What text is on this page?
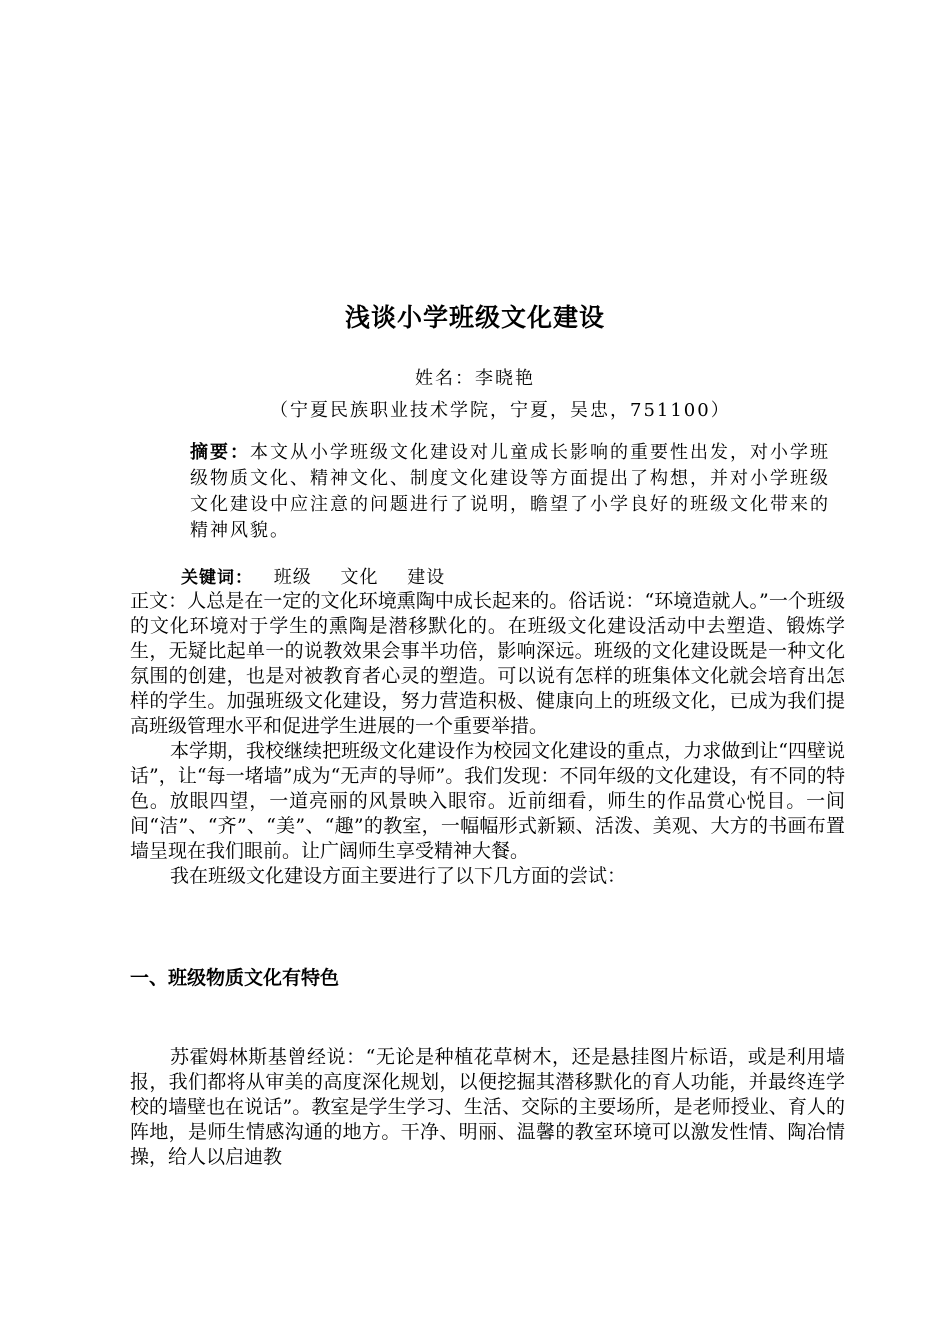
浅谈小学班级文化建设
姓名：李晓艳
（宁夏民族职业技术学院，宁夏，吴忠，751100）
摘要：本文从小学班级文化建设对儿童成长影响的重要性出发，对小学班级物质文化、精神文化、制度文化建设等方面提出了构想，并对小学班级文化建设中应注意的问题进行了说明，瞻望了小学良好的班级文化带来的精神风貌。
关键词： 班级 文化 建设

正文：人总是在一定的文化环境熏陶中成长起来的。俗话说：“环境造就人。”一个班级的文化环境对于学生的熏陶是潜移默化的。在班级文化建设活动中去塑造、锻炼学生，无疑比起单一的说教效果会事半功倍，影响深远。班级的文化建设既是一种文化氛围的创建，也是对被教育者心灵的塑造。可以说有怎样的班集体文化就会培育出怎样的学生。加强班级文化建设，努力营造积极、健康向上的班级文化，已成为我们提高班级管理水平和促进学生进展的一个重要举措。

本学期，我校继续把班级文化建设作为校园文化建设的重点，力求做到让“四壁说话”，让“每一堵墙”成为“无声的导师”。我们发现：不同年级的文化建设，有不同的特色。放眼四望，一道亮丽的风景映入眼帘。近前细看，师生的作品赏心悦目。一间间“洁”、“齐”、“美”、“趣”的教室，一幅幅形式新颖、活泼、美观、大方的书画布置墙呈现在我们眼前。让广阔师生享受精神大餐。

我在班级文化建设方面主要进行了以下几方面的尝试：

一、班级物质文化有特色

苏霍姆林斯基曾经说：“无论是种植花草树木，还是悬挂图片标语，或是利用墙报，我们都将从审美的高度深化规划，以便挖掘其潜移默化的育人功能，并最终连学校的墙壁也在说话”。教室是学生学习、生活、交际的主要场所，是老师授业、育人的阵地，是师生情感沟通的地方。干净、明丽、温馨的教室环境可以激发性情、陶冶情操，给人以启迪教
